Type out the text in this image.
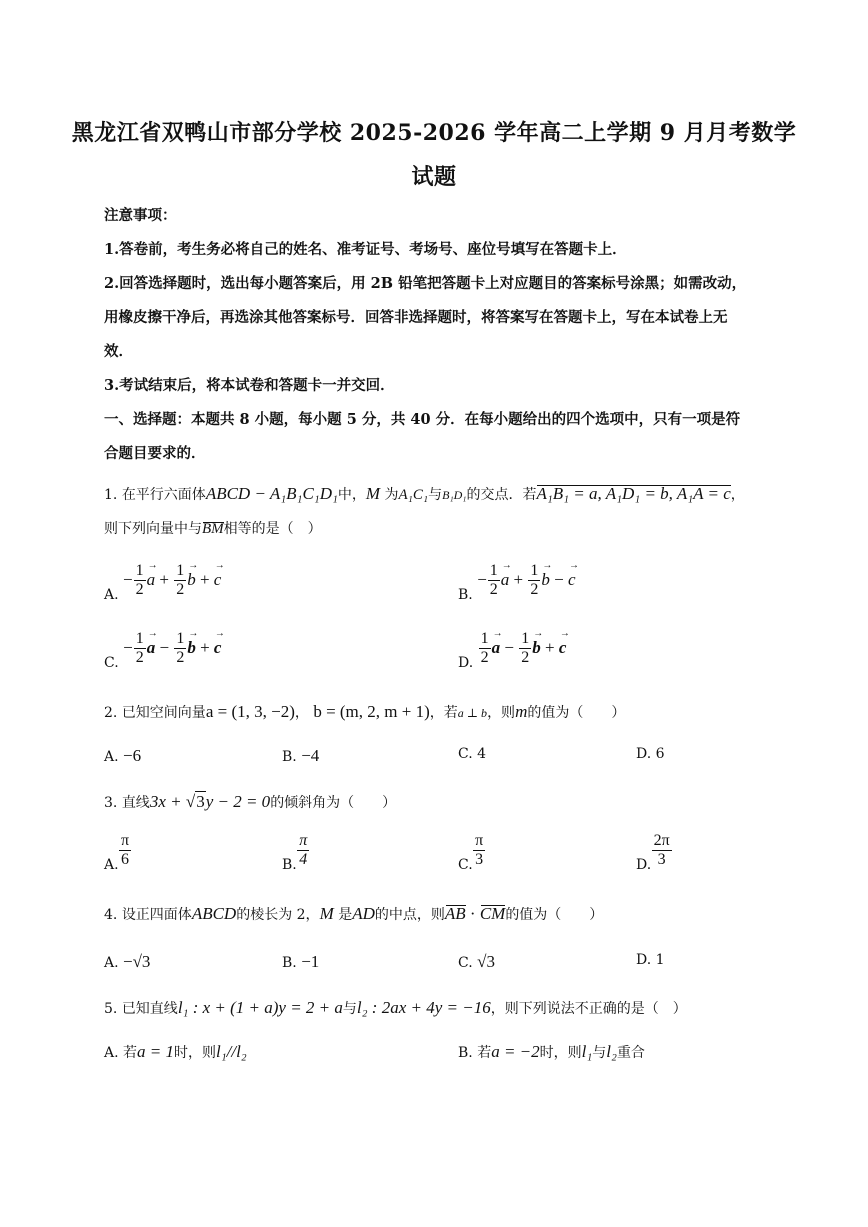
黑龙江省双鸭山市部分学校 2025-2026 学年高二上学期 9 月月考数学
试题
注意事项：
1.答卷前，考生务必将自己的姓名、准考证号、考场号、座位号填写在答题卡上．
2.回答选择题时，选出每小题答案后，用 2B 铅笔把答题卡上对应题目的答案标号涂黑；如需改动，
用橡皮擦干净后，再选涂其他答案标号．回答非选择题时，将答案写在答题卡上，写在本试卷上无
效．
3.考试结束后，将本试卷和答题卡一并交回．
一、选择题：本题共 8 小题，每小题 5 分，共 40 分．在每小题给出的四个选项中，只有一项是符
合题目要求的．
1. 在平行六面体ABCD − A₁B₁C₁D₁中，M 为A₁C₁与B₁D₁的交点．若A₁B₁ = a, A₁D₁ = b, A₁A = c，
则下列向量中与BM相等的是（　）
A. − $\frac{1}{2}$ a → + $\frac{1}{2}$ b → + c →
B. − $\frac{1}{2}$ a → + $\frac{1}{2}$ b → − c →
C. − $\frac{1}{2}$ a → − $\frac{1}{2}$ b → + c →
D. $\frac{1}{2}$ a → − $\frac{1}{2}$ b → + c →
2. 已知空间向量a = (1, 3, −2)， b = (m, 2, m + 1)，若a ⊥ b，则m的值为（　　）
A. −6	B. −4	C. 4	D. 6
3. 直线3x + √3y − 2 = 0的倾斜角为（　　）
A. $\frac{\pi}{6}$	B. $\frac{\pi}{4}$	C. $\frac{\pi}{3}$	D. $\frac{2\pi}{3}$
4. 设正四面体ABCD的棱长为 2，M 是AD的中点，则AB · CM的值为（　　）
A. −√3	B. −1	C. √3	D. 1
5. 已知直线l₁ : x + (1 + a)y = 2 + a与l₂ : 2ax + 4y = −16，则下列说法不正确的是（　）
A. 若a = 1时，则l₁//l₂	B. 若a = −2时，则l₁与l₂重合
